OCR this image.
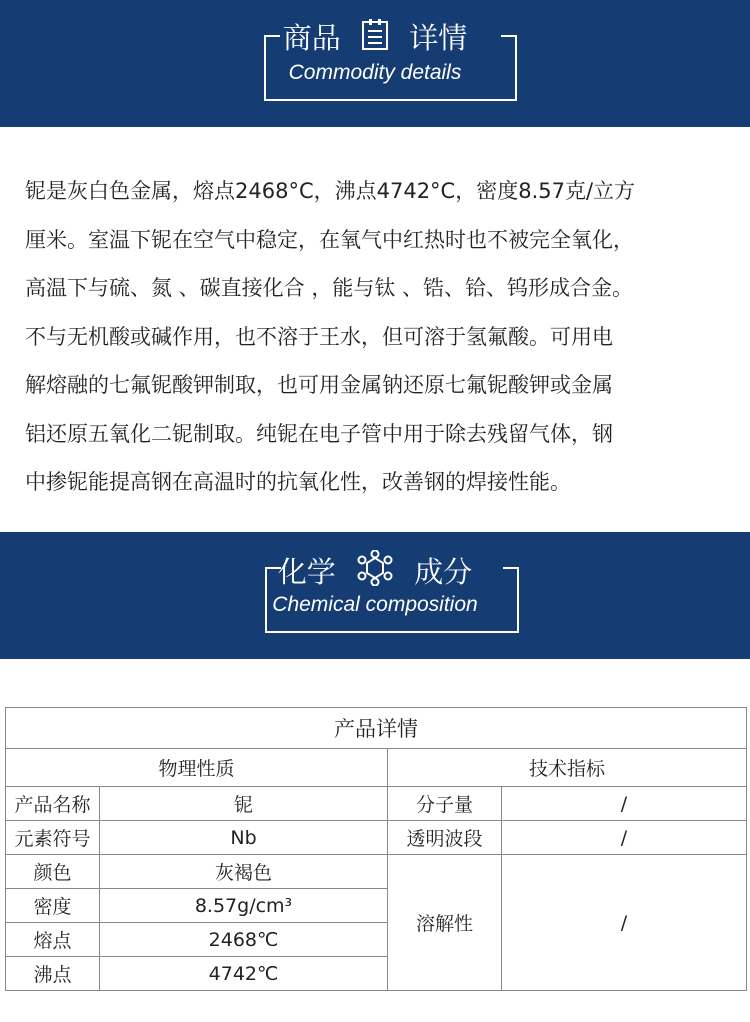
商品 详情
Commodity details
铌是灰白色金属，熔点2468°C，沸点4742°C，密度8.57克/立方
厘米。室温下铌在空气中稳定，在氧气中红热时也不被完全氧化，
高温下与硫、氮 、碳直接化合 ，能与钛 、锆、铪、钨形成合金。
不与无机酸或碱作用，也不溶于王水，但可溶于氢氟酸。可用电
解熔融的七氟铌酸钾制取，也可用金属钠还原七氟铌酸钾或金属
铝还原五氧化二铌制取。纯铌在电子管中用于除去残留气体，钢
中掺铌能提高钢在高温时的抗氧化性，改善钢的焊接性能。
化学	成分
Chemical composition
产品详情			
物理性质		技术指标	
产品名称	铌	分子量	/
元素符号	Nb	透明波段	/
颜色	灰褐色	溶解性	/
密度	8.57g/cm³		
熔点	2468℃		
沸点	4742℃		
